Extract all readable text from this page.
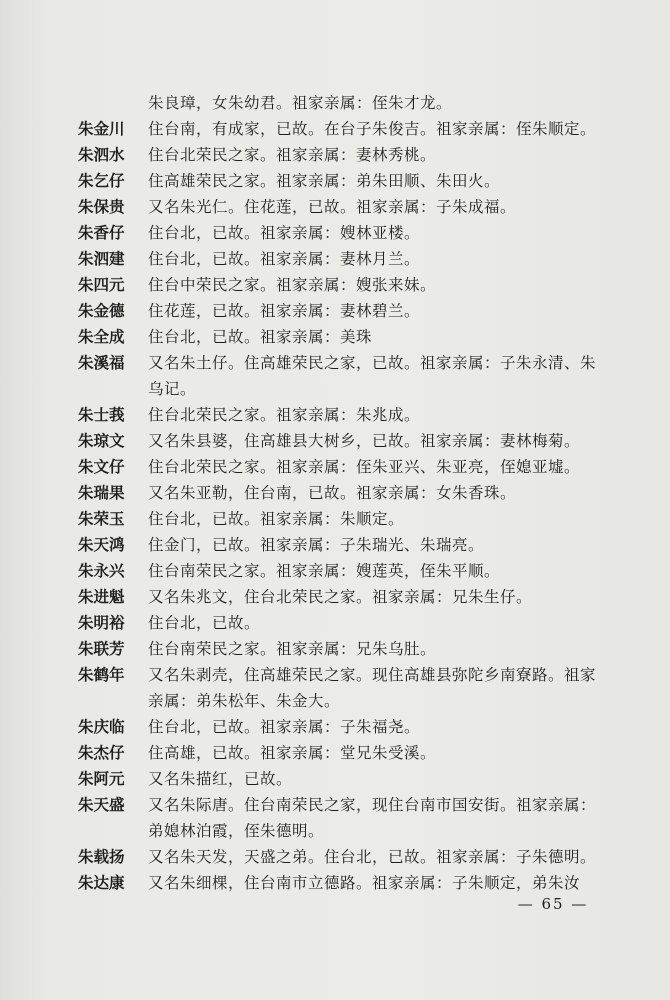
朱良璋，女朱幼君。祖家亲属：侄朱才龙。
朱金川	住台南，有成家，已故。在台子朱俊吉。祖家亲属：侄朱顺定。
朱泗水	住台北荣民之家。祖家亲属：妻林秀桃。
朱乞仔	住高雄荣民之家。祖家亲属：弟朱田顺、朱田火。
朱保贵	又名朱光仁。住花莲，已故。祖家亲属：子朱成福。
朱香仔	住台北，已故。祖家亲属：嫂林亚楼。
朱泗建	住台北，已故。祖家亲属：妻林月兰。
朱四元	住台中荣民之家。祖家亲属：嫂张来妹。
朱金德	住花莲，已故。祖家亲属：妻林碧兰。
朱全成	住台北，已故。祖家亲属：美珠
朱溪福	又名朱土仔。住高雄荣民之家，已故。祖家亲属：子朱永清、朱乌记。
朱士莪	住台北荣民之家。祖家亲属：朱兆成。
朱琼文	又名朱县婆，住高雄县大树乡，已故。祖家亲属：妻林梅菊。
朱文仔	住台北荣民之家。祖家亲属：侄朱亚兴、朱亚亮，侄媳亚墟。
朱瑞果	又名朱亚勒，住台南，已故。祖家亲属：女朱香珠。
朱荣玉	住台北，已故。祖家亲属：朱顺定。
朱天鸿	住金门，已故。祖家亲属：子朱瑞光、朱瑞亮。
朱永兴	住台南荣民之家。祖家亲属：嫂莲英，侄朱平顺。
朱进魁	又名朱兆文，住台北荣民之家。祖家亲属：兄朱生仔。
朱明裕	住台北，已故。
朱联芳	住台南荣民之家。祖家亲属：兄朱乌肚。
朱鹤年	又名朱剥壳，住高雄荣民之家。现住高雄县弥陀乡南寮路。祖家亲属：弟朱松年、朱金大。
朱庆临	住台北，已故。祖家亲属：子朱福尧。
朱杰仔	住高雄，已故。祖家亲属：堂兄朱受溪。
朱阿元	又名朱描红，已故。
朱天盛	又名朱际唐。住台南荣民之家，现住台南市国安街。祖家亲属：弟媳林泊霞，侄朱德明。
朱载扬	又名朱天发，天盛之弟。住台北，已故。祖家亲属：子朱德明。
朱达康	又名朱细棵，住台南市立德路。祖家亲属：子朱顺定，弟朱汝
— 65 —
